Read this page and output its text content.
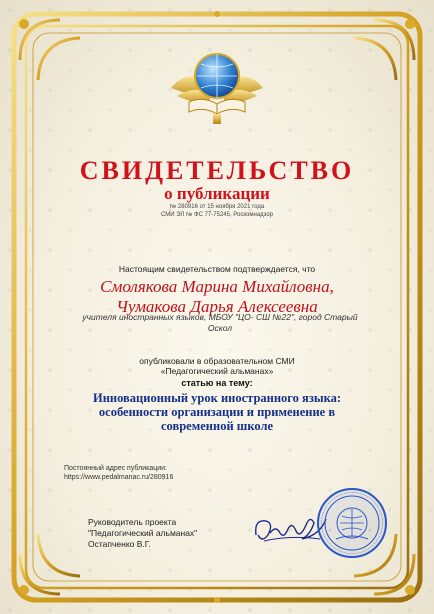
СВИДЕТЕЛЬСТВО
о публикации
№ 280916 от 15 ноября 2021 года
СМИ ЭЛ № ФС 77-75245, Роскомнадзор
Настоящим свидетельством подтверждается, что
Смолякова Марина Михайловна,
Чумакова Дарья Алексеевна
учителя иностранных языков, МБОУ "ЦО- СШ №22", город Старый Оскол
опубликовали в образовательном СМИ
«Педагогический альманах»
статью на тему:
Инновационный урок иностранного языка:
особенности организации и применение в
современной школе
Постоянный адрес публикации:
https://www.pedalmanac.ru/280916
Руководитель проекта
"Педагогический альманах"
Остапченко В.Г.
